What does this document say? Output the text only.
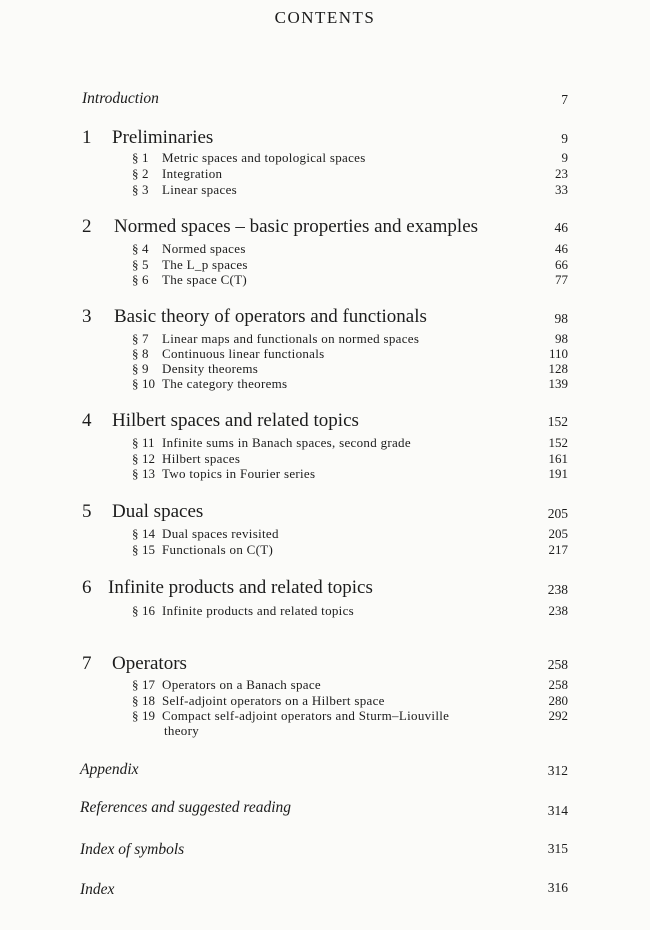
CONTENTS
Introduction	7
1 Preliminaries	9
§ 1 Metric spaces and topological spaces	9
§ 2 Integration	23
§ 3 Linear spaces	33
2 Normed spaces – basic properties and examples	46
§ 4 Normed spaces	46
§ 5 The L_p spaces	66
§ 6 The space C(T)	77
3 Basic theory of operators and functionals	98
§ 7 Linear maps and functionals on normed spaces	98
§ 8 Continuous linear functionals	110
§ 9 Density theorems	128
§ 10 The category theorems	139
4 Hilbert spaces and related topics	152
§ 11 Infinite sums in Banach spaces, second grade	152
§ 12 Hilbert spaces	161
§ 13 Two topics in Fourier series	191
5 Dual spaces	205
§ 14 Dual spaces revisited	205
§ 15 Functionals on C(T)	217
6 Infinite products and related topics	238
§ 16 Infinite products and related topics	238
7 Operators	258
§ 17 Operators on a Banach space	258
§ 18 Self-adjoint operators on a Hilbert space	280
§ 19 Compact self-adjoint operators and Sturm–Liouville	292
theory
Appendix	312
References and suggested reading	314
Index of symbols	315
Index	316
